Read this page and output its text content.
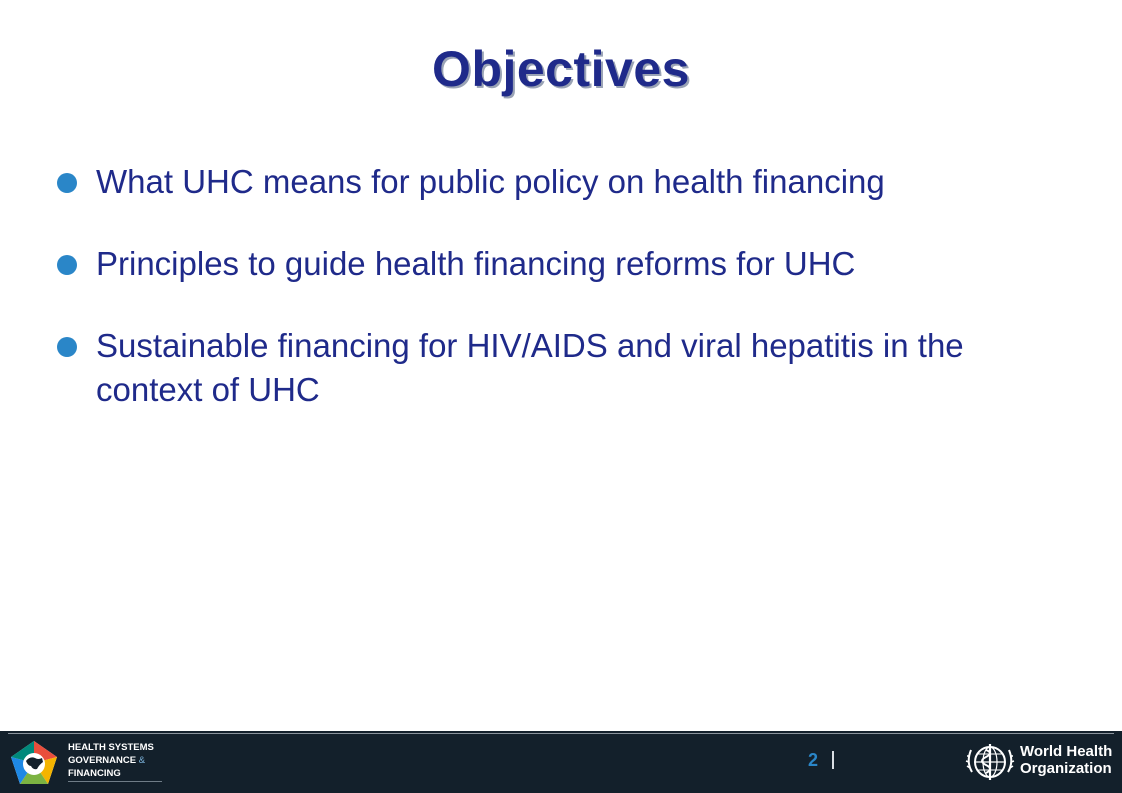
Objectives
What UHC means for public policy on health financing
Principles to guide health financing reforms for UHC
Sustainable financing for HIV/AIDS and viral hepatitis in the context of UHC
HEALTH SYSTEMS
GOVERNANCE &
FINANCING
2	World Health
Organization
